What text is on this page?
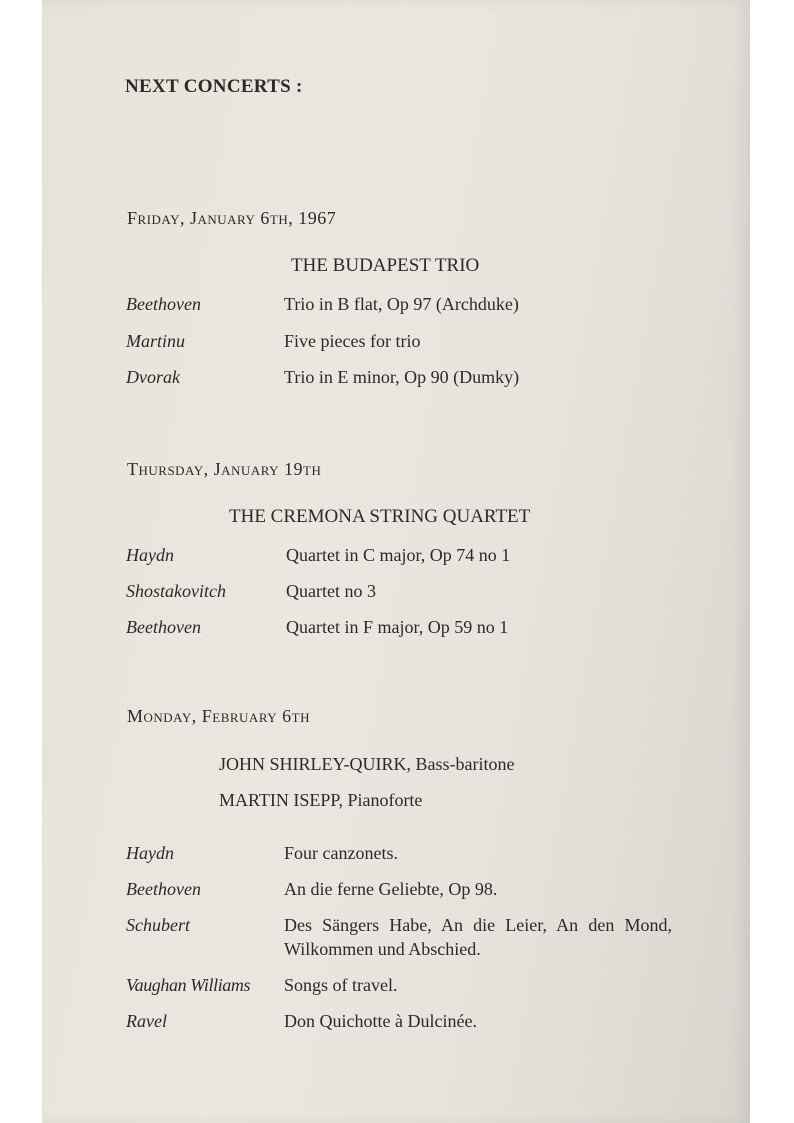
NEXT CONCERTS :
Friday, January 6th, 1967
THE BUDAPEST TRIO
Beethoven	Trio in B flat, Op 97 (Archduke)
Martinu	Five pieces for trio
Dvorak	Trio in E minor, Op 90 (Dumky)
Thursday, January 19th
THE CREMONA STRING QUARTET
Haydn	Quartet in C major, Op 74 no 1
Shostakovitch	Quartet no 3
Beethoven	Quartet in F major, Op 59 no 1
Monday, February 6th
JOHN SHIRLEY-QUIRK, Bass-baritone
MARTIN ISEPP, Pianoforte
Haydn	Four canzonets.
Beethoven	An die ferne Geliebte, Op 98.
Schubert	Des Sängers Habe, An die Leier, An den Mond, Wilkommen und Abschied.
Vaughan Williams	Songs of travel.
Ravel	Don Quichotte à Dulcinée.
